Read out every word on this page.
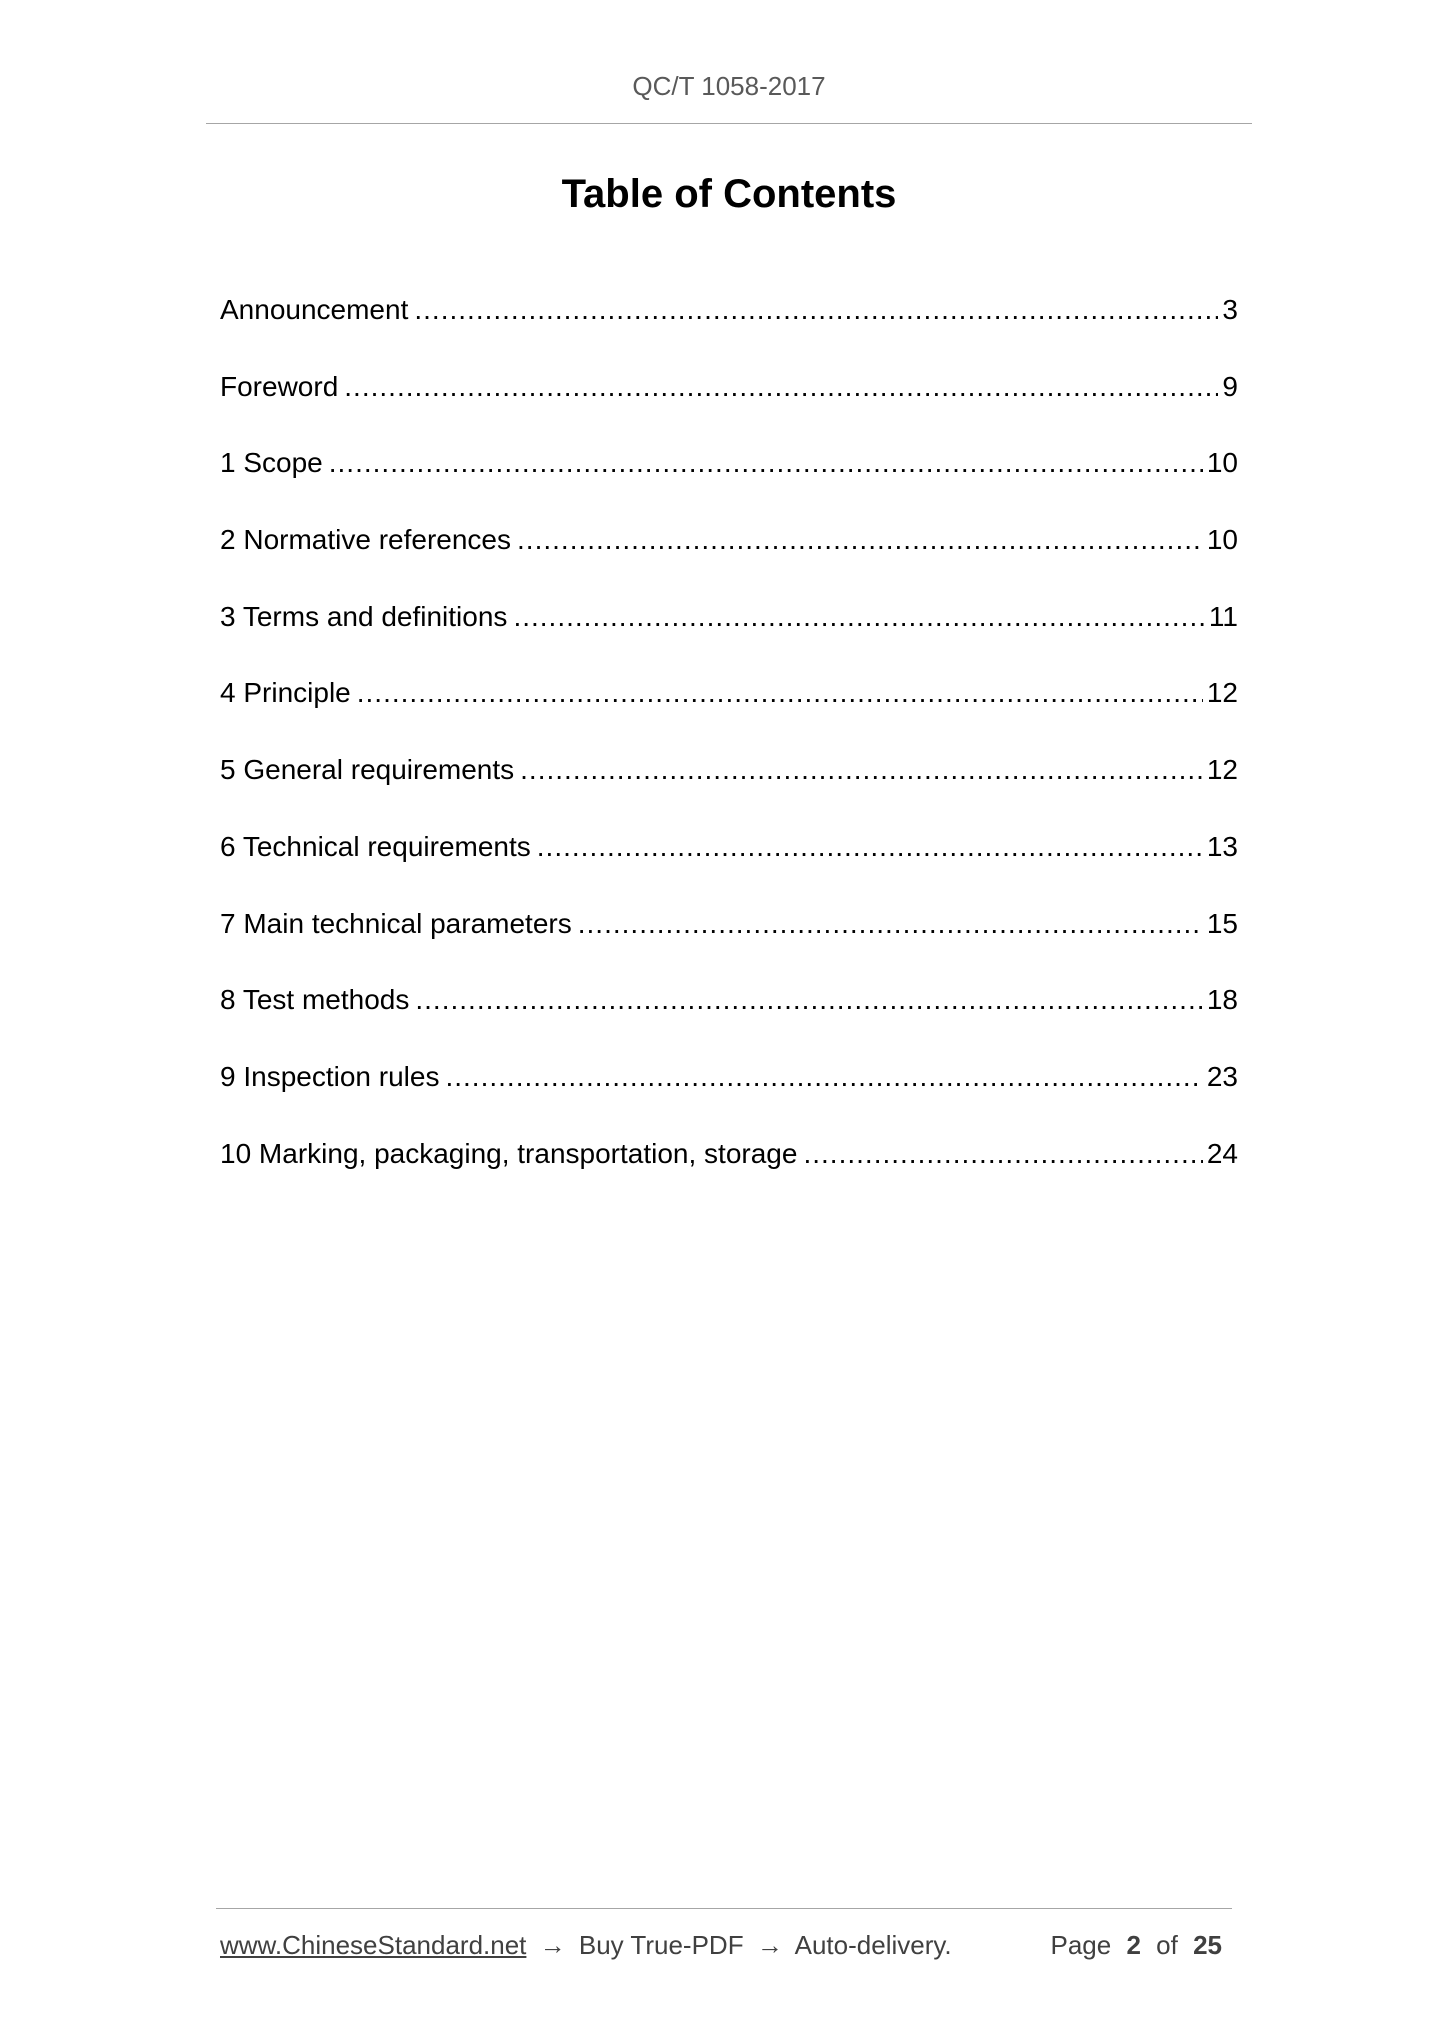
QC/T 1058-2017
Table of Contents
Announcement .....	3
Foreword .....	9
1 Scope .....	10
2 Normative references .....	10
3 Terms and definitions .....	11
4 Principle .....	12
5 General requirements .....	12
6 Technical requirements .....	13
7 Main technical parameters .....	15
8 Test methods .....	18
9 Inspection rules .....	23
10 Marking, packaging, transportation, storage .....	24
www.ChineseStandard.net → Buy True-PDF → Auto-delivery.	Page 2 of 25
